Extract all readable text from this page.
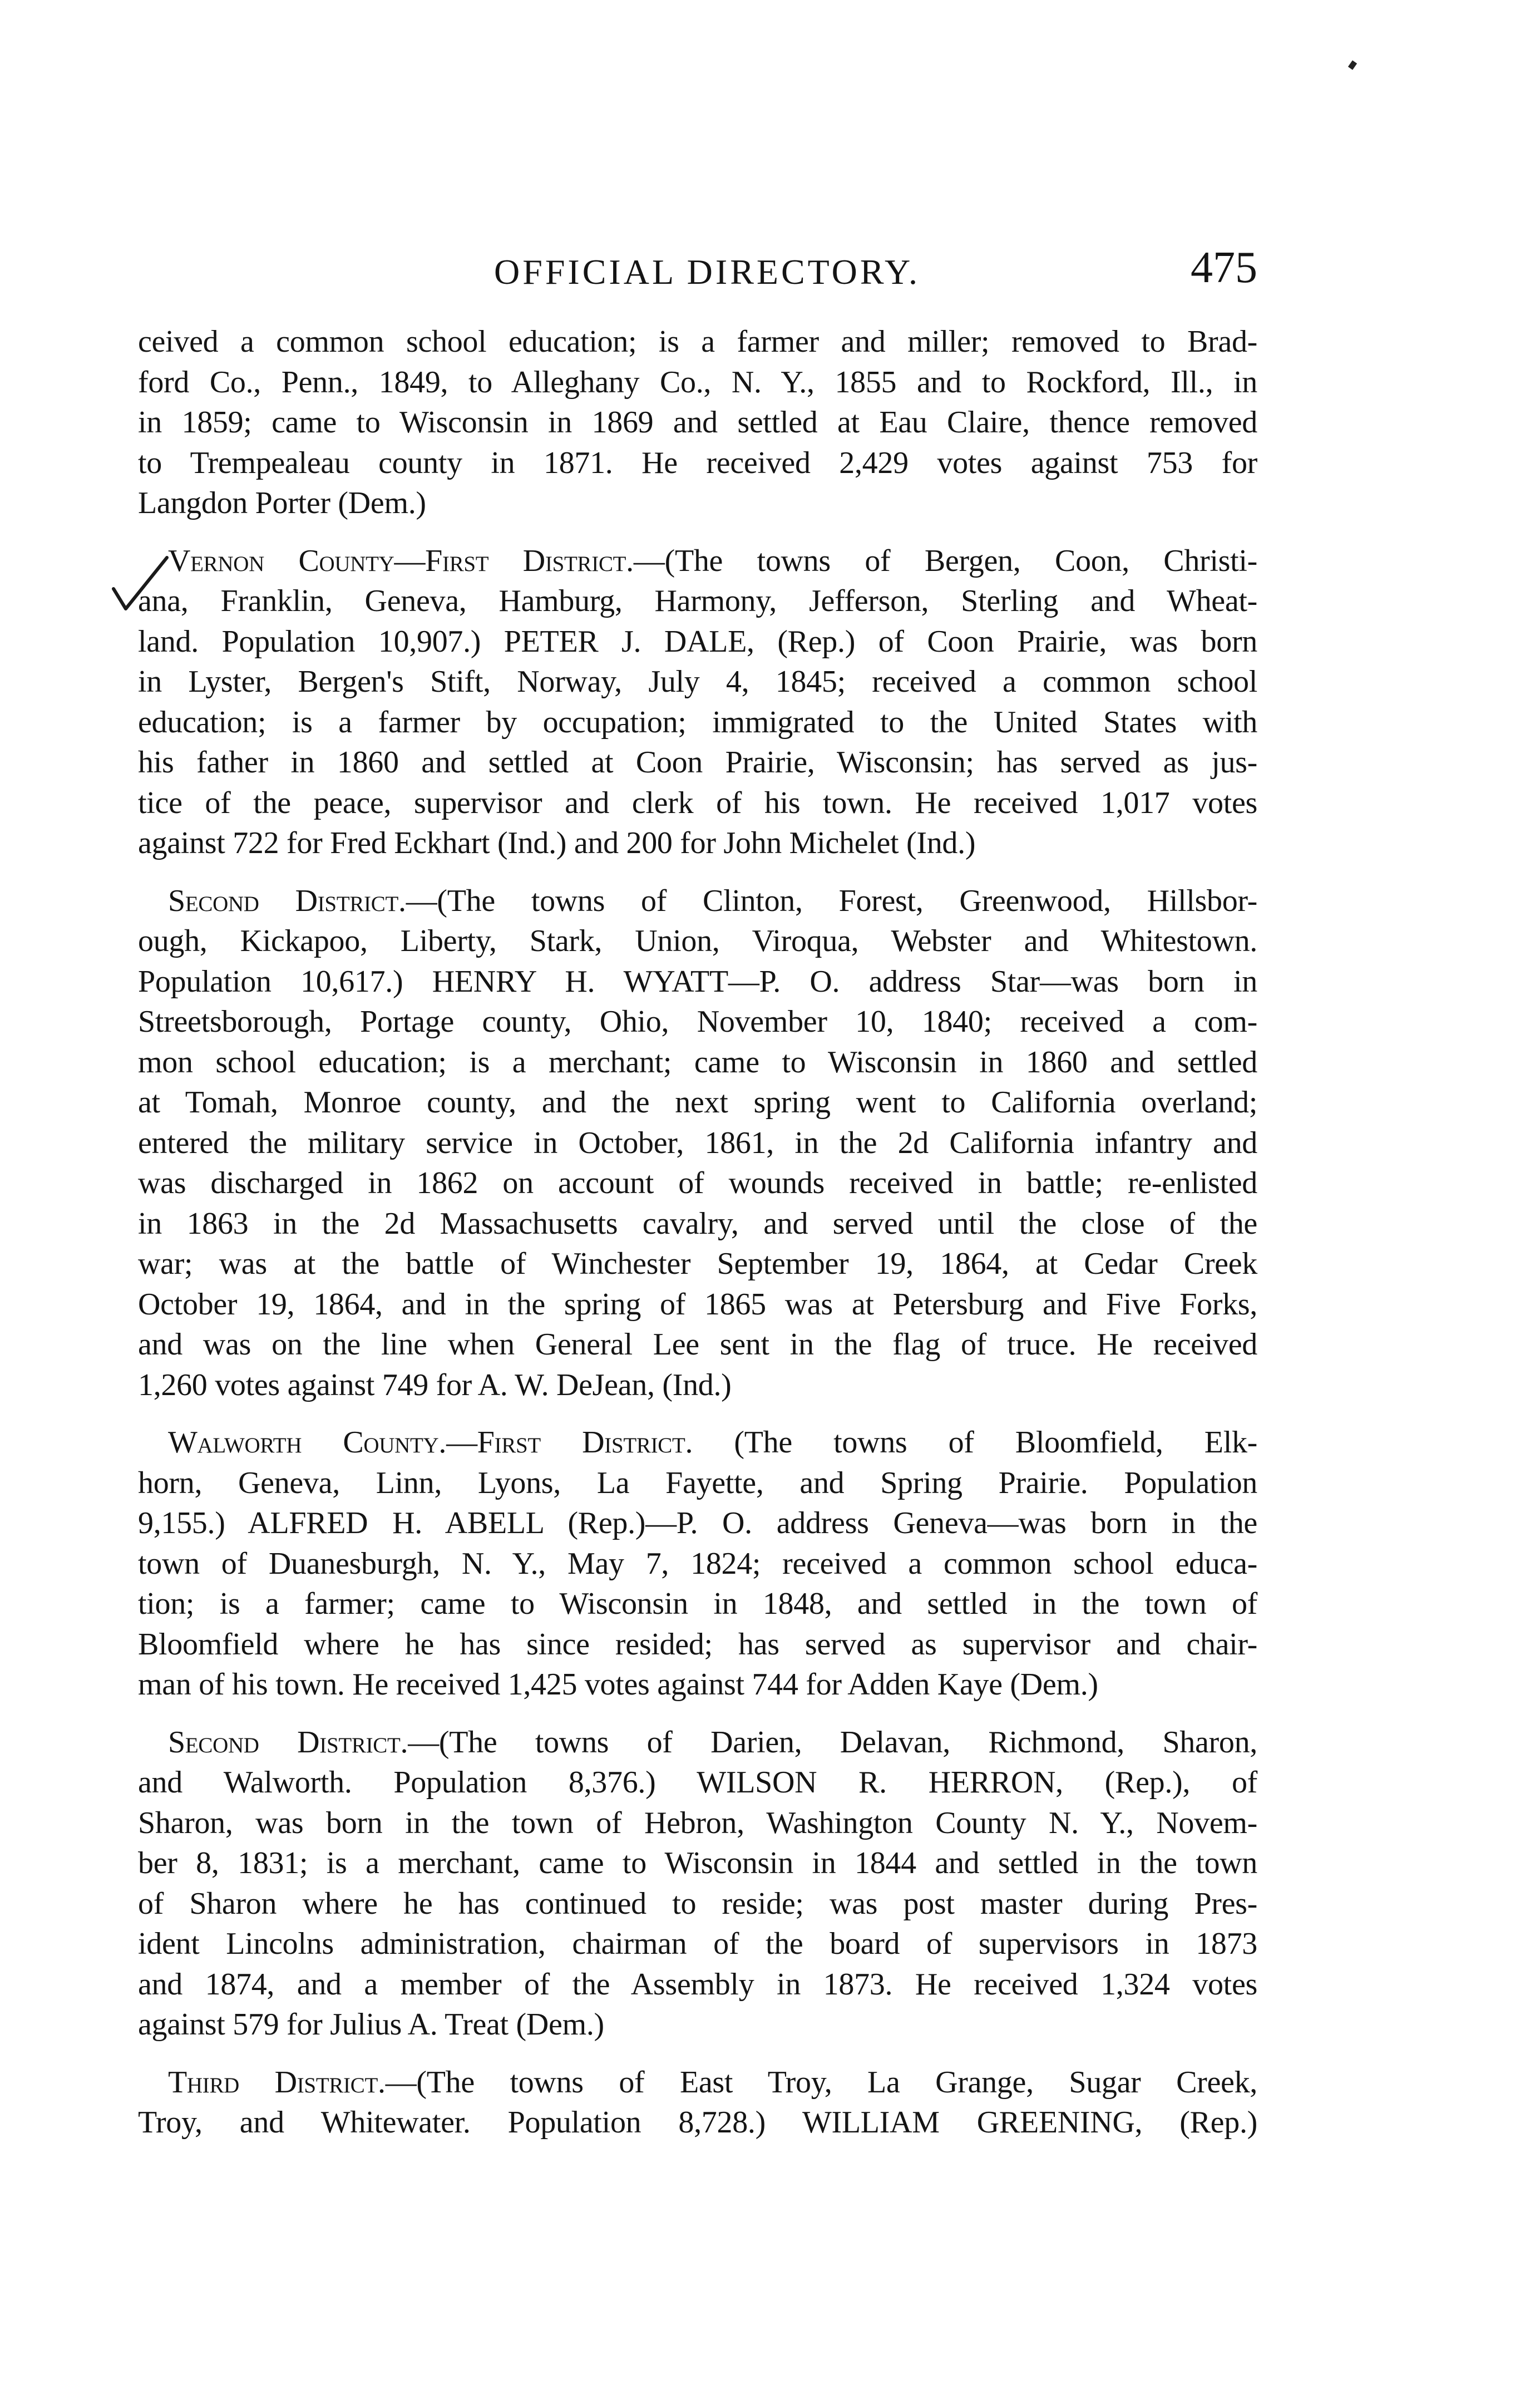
OFFICIAL DIRECTORY.	475

ceived a common school education; is a farmer and miller; removed to Brad-
ford Co., Penn., 1849, to Alleghany Co., N. Y., 1855 and to Rockford, Ill., in
in 1859; came to Wisconsin in 1869 and settled at Eau Claire, thence removed
to Trempealeau county in 1871. He received 2,429 votes against 753 for
Langdon Porter (Dem.)

Vernon County—First District.—(The towns of Bergen, Coon, Christi-
ana, Franklin, Geneva, Hamburg, Harmony, Jefferson, Sterling and Wheat-
land. Population 10,907.) PETER J. DALE, (Rep.) of Coon Prairie, was born
in Lyster, Bergen's Stift, Norway, July 4, 1845; received a common school
education; is a farmer by occupation; immigrated to the United States with
his father in 1860 and settled at Coon Prairie, Wisconsin; has served as jus-
tice of the peace, supervisor and clerk of his town. He received 1,017 votes
against 722 for Fred Eckhart (Ind.) and 200 for John Michelet (Ind.)

Second District.—(The towns of Clinton, Forest, Greenwood, Hillsbor-
ough, Kickapoo, Liberty, Stark, Union, Viroqua, Webster and Whitestown.
Population 10,617.) HENRY H. WYATT—P. O. address Star—was born in
Streetsborough, Portage county, Ohio, November 10, 1840; received a com-
mon school education; is a merchant; came to Wisconsin in 1860 and settled
at Tomah, Monroe county, and the next spring went to California overland;
entered the military service in October, 1861, in the 2d California infantry and
was discharged in 1862 on account of wounds received in battle; re-enlisted
in 1863 in the 2d Massachusetts cavalry, and served until the close of the
war; was at the battle of Winchester September 19, 1864, at Cedar Creek
October 19, 1864, and in the spring of 1865 was at Petersburg and Five Forks,
and was on the line when General Lee sent in the flag of truce. He received
1,260 votes against 749 for A. W. DeJean, (Ind.)

Walworth County.—First District. (The towns of Bloomfield, Elk-
horn, Geneva, Linn, Lyons, La Fayette, and Spring Prairie. Population
9,155.) ALFRED H. ABELL (Rep.)—P. O. address Geneva—was born in the
town of Duanesburgh, N. Y., May 7, 1824; received a common school educa-
tion; is a farmer; came to Wisconsin in 1848, and settled in the town of
Bloomfield where he has since resided; has served as supervisor and chair-
man of his town. He received 1,425 votes against 744 for Adden Kaye (Dem.)

Second District.—(The towns of Darien, Delavan, Richmond, Sharon,
and Walworth. Population 8,376.) WILSON R. HERRON, (Rep.), of
Sharon, was born in the town of Hebron, Washington County N. Y., Novem-
ber 8, 1831; is a merchant, came to Wisconsin in 1844 and settled in the town
of Sharon where he has continued to reside; was post master during Pres-
ident Lincolns administration, chairman of the board of supervisors in 1873
and 1874, and a member of the Assembly in 1873. He received 1,324 votes
against 579 for Julius A. Treat (Dem.)

Third District.—(The towns of East Troy, La Grange, Sugar Creek,
Troy, and Whitewater. Population 8,728.) WILLIAM GREENING, (Rep.)
